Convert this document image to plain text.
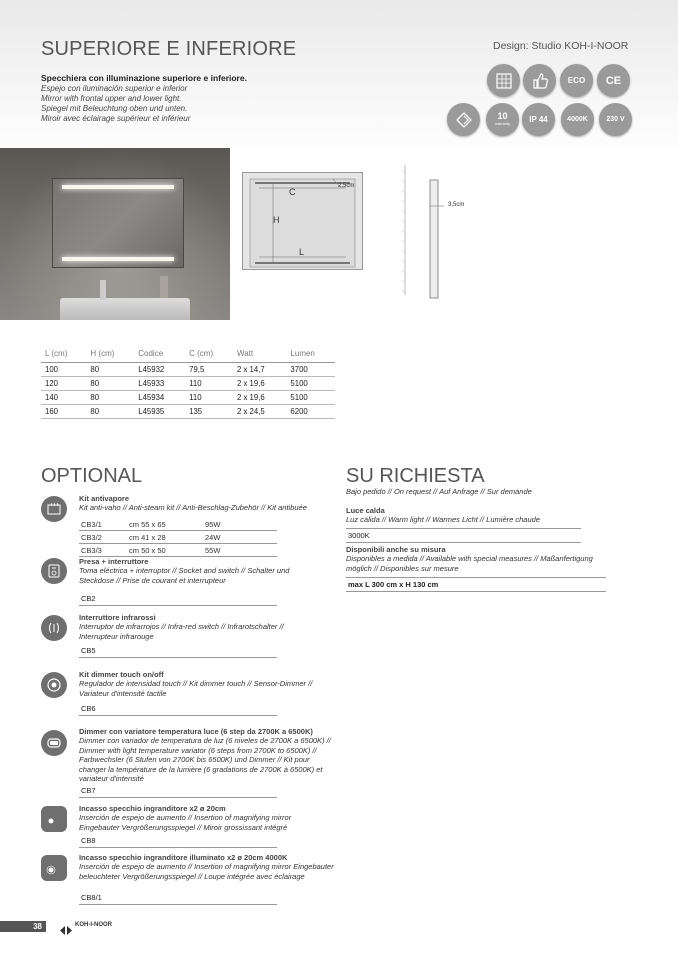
SUPERIORE E INFERIORE	Design: Studio KOH-I-NOOR
Specchiera con illuminazione superiore e inferiore.
Espejo con iluminación superior e inferior
Mirror with frontal upper and lower light.
Spiegel mit Beleuchtung oben und unten.
Miroir avec éclairage supérieur et inférieur
ECO CE
10
warranty IP 44	4000K	230 V
C
H
L
2,5cm
3,5cm
L (cm)	H (cm)	Codice	C (cm)	Watt	Lumen
100	80	L45932	79,5	2 x 14,7	3700
120	80	L45933	110	2 x 19,6	5100
140	80	L45934	110	2 x 19,6	5100
160	80	L45935	135	2 x 24,5	6200
OPTIONAL
Kit antivapore
Kit anti-vaho // Anti-steam kit // Anti-Beschlag-Zubehör // Kit antibuée
CB3/1	cm 55 x 65	95W
CB3/2	cm 41 x 28	24W
CB3/3	cm 50 x 50	55W
Presa + interruttore
Toma eléctrica + interruptor // Socket and switch // Schalter und Steckdose // Prise de courant et interrupteur
CB2
Interruttore infrarossi
Interruptor de infrarrojos // Infra-red switch // Infrarotschalter // Interrupteur infrarouge
CB5
Kit dimmer touch on/off
Regulador de intensidad touch // Kit dimmer touch // Sensor-Dimmer // Variateur d'intensité tactile
CB6
Dimmer con variatore temperatura luce (6 step da 2700K a 6500K)
Dimmer con variador de temperatura de luz (6 niveles de 2700K a 6500K) // Dimmer with light temperature variator (6 steps from 2700K to 6500K) // Farbwechsler (6 Stufen von 2700K bis 6500K) und Dimmer // Kit pour changer la température de la lumière (6 gradations de 2700K à 6500K) et variateur d'intensité
CB7
Incasso specchio ingranditore x2 ø 20cm
Inserción de espejo de aumento // Insertion of magnifying mirror Eingebauter Vergrößerungsspiegel // Miroir grossissant intégré
CB8
Incasso specchio ingranditore illuminato x2 ø 20cm 4000K
Inserción de espejo de aumento // Insertion of magnifying mirror Eingebauter beleuchteter Vergrößerungsspiegel // Loupe intégrée avec éclairage
CB8/1
SU RICHIESTA
Bajo pedido // On request // Auf Anfrage // Sur demande
Luce calda
Luz cálida // Warm light // Warmes Licht // Lumière chaude
3000K
Disponibili anche su misura
Disponibles a medida // Available with special measures // Maßanfertigung möglich // Disponibles sur mesure
max L 300 cm x H 130 cm
38	KOH-I-NOOR
